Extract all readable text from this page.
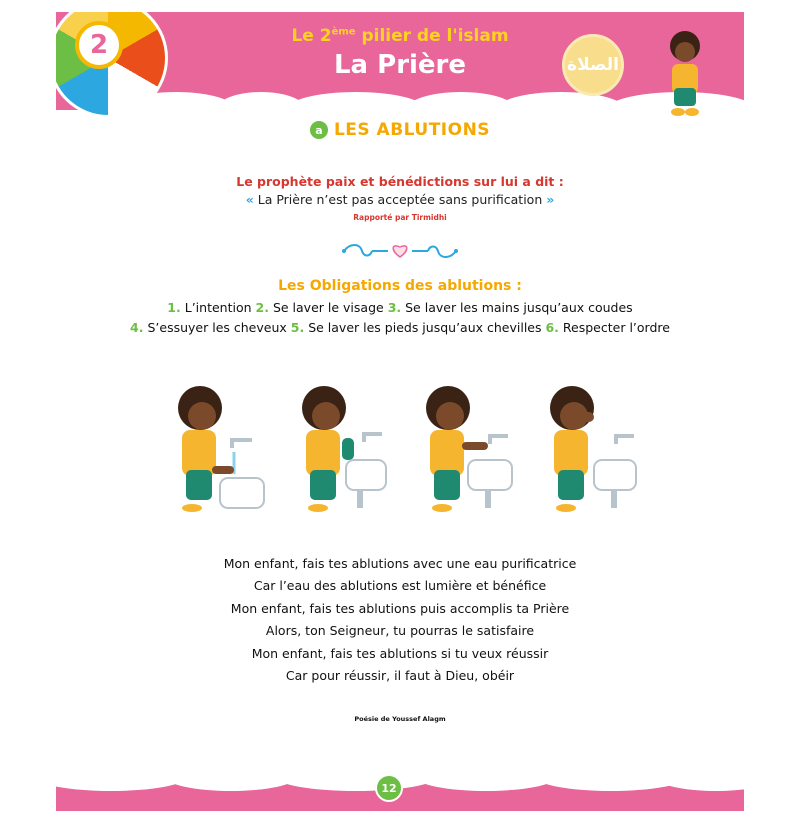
Le 2ème pilier de l'islam
La Prière	الصلاة
2
a LES ABLUTIONS
Le prophète paix et bénédictions sur lui a dit :
« La Prière n’est pas acceptée sans purification »
Rapporté par Tirmidhi
Les Obligations des ablutions :
1. L’intention 2. Se laver le visage 3. Se laver les mains jusqu’aux coudes
4. S’essuyer les cheveux 5. Se laver les pieds jusqu’aux chevilles 6. Respecter l’ordre
Mon enfant, fais tes ablutions avec une eau purificatrice
Car l’eau des ablutions est lumière et bénéfice
Mon enfant, fais tes ablutions puis accomplis ta Prière
Alors, ton Seigneur, tu pourras le satisfaire
Mon enfant, fais tes ablutions si tu veux réussir
Car pour réussir, il faut à Dieu, obéir
Poésie de Youssef Alagm
12
